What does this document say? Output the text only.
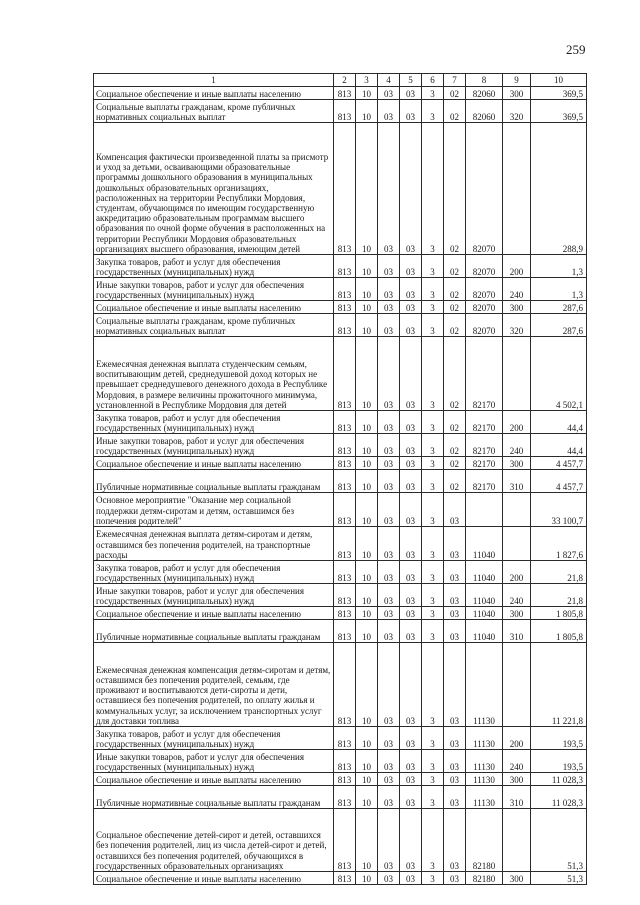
259
1	2	3	4	5	6	7	8	9	10
Социальное обеспечение и иные выплаты населению	813	10	03	03	3	02	82060	300	369,5
Социальные выплаты гражданам, кроме публичных нормативных социальных выплат	813	10	03	03	3	02	82060	320	369,5
Компенсация фактически произведенной платы за присмотр и уход за детьми, осваивающими образовательные программы дошкольного образования в муниципальных дошкольных образовательных организациях, расположенных на территории Республики Мордовия, студентам, обучающимся по имеющим государственную аккредитацию образовательным программам высшего образования по очной форме обучения в расположенных на территории Республики Мордовия образовательных организациях высшего образования, имеющим детей	813	10	03	03	3	02	82070		288,9
Закупка товаров, работ и услуг для обеспечения государственных (муниципальных) нужд	813	10	03	03	3	02	82070	200	1,3
Иные закупки товаров, работ и услуг для обеспечения государственных (муниципальных) нужд	813	10	03	03	3	02	82070	240	1,3
Социальное обеспечение и иные выплаты населению	813	10	03	03	3	02	82070	300	287,6
Социальные выплаты гражданам, кроме публичных нормативных социальных выплат	813	10	03	03	3	02	82070	320	287,6
Ежемесячная денежная выплата студенческим семьям, воспитывающим детей, среднедушевой доход которых не превышает среднедушевого денежного дохода в Республике Мордовия, в размере величины прожиточного минимума, установленной в Республике Мордовия для детей	813	10	03	03	3	02	82170		4 502,1
Закупка товаров, работ и услуг для обеспечения государственных (муниципальных) нужд	813	10	03	03	3	02	82170	200	44,4
Иные закупки товаров, работ и услуг для обеспечения государственных (муниципальных) нужд	813	10	03	03	3	02	82170	240	44,4
Социальное обеспечение и иные выплаты населению	813	10	03	03	3	02	82170	300	4 457,7
Публичные нормативные социальные выплаты гражданам	813	10	03	03	3	02	82170	310	4 457,7
Основное мероприятие "Оказание мер социальной поддержки детям-сиротам и детям, оставшимся без попечения родителей"	813	10	03	03	3	03			33 100,7
Ежемесячная денежная выплата детям-сиротам и детям, оставшимся без попечения родителей, на транспортные расходы	813	10	03	03	3	03	11040		1 827,6
Закупка товаров, работ и услуг для обеспечения государственных (муниципальных) нужд	813	10	03	03	3	03	11040	200	21,8
Иные закупки товаров, работ и услуг для обеспечения государственных (муниципальных) нужд	813	10	03	03	3	03	11040	240	21,8
Социальное обеспечение и иные выплаты населению	813	10	03	03	3	03	11040	300	1 805,8
Публичные нормативные социальные выплаты гражданам	813	10	03	03	3	03	11040	310	1 805,8
Ежемесячная денежная компенсация детям-сиротам и детям, оставшимся без попечения родителей, семьям, где проживают и воспитываются дети-сироты и дети, оставшиеся без попечения родителей, по оплату жилья и коммунальных услуг, за исключением транспортных услуг для доставки топлива	813	10	03	03	3	03	11130		11 221,8
Закупка товаров, работ и услуг для обеспечения государственных (муниципальных) нужд	813	10	03	03	3	03	11130	200	193,5
Иные закупки товаров, работ и услуг для обеспечения государственных (муниципальных) нужд	813	10	03	03	3	03	11130	240	193,5
Социальное обеспечение и иные выплаты населению	813	10	03	03	3	03	11130	300	11 028,3
Публичные нормативные социальные выплаты гражданам	813	10	03	03	3	03	11130	310	11 028,3
Социальное обеспечение детей-сирот и детей, оставшихся без попечения родителей, лиц из числа детей-сирот и детей, оставшихся без попечения родителей, обучающихся в государственных образовательных организациях	813	10	03	03	3	03	82180		51,3
Социальное обеспечение и иные выплаты населению	813	10	03	03	3	03	82180	300	51,3
